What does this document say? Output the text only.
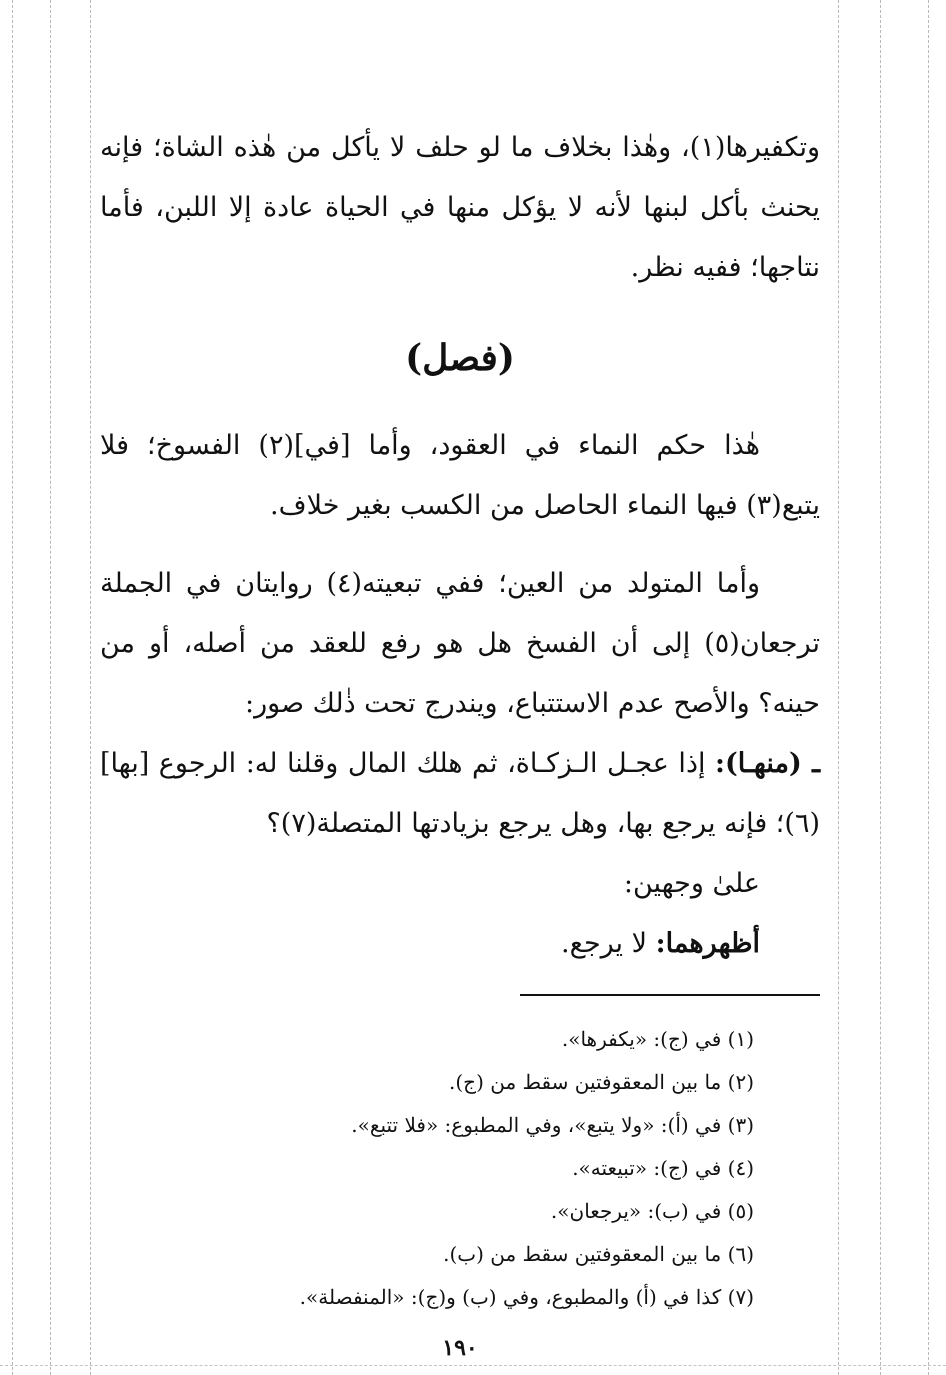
وتكفيرها(١)، وهٰذا بخلاف ما لو حلف لا يأكل من هٰذه الشاة؛ فإنه يحنث بأكل لبنها لأنه لا يؤكل منها في الحياة عادة إلا اللبن، فأما نتاجها؛ ففيه نظر.

(فصل)

هٰذا حكم النماء في العقود، وأما [في](٢) الفسوخ؛ فلا يتبع(٣) فيها النماء الحاصل من الكسب بغير خلاف.

وأما المتولد من العين؛ ففي تبعيته(٤) روايتان في الجملة ترجعان(٥) إلى أن الفسخ هل هو رفع للعقد من أصله، أو من حينه؟ والأصح عدم الاستتباع، ويندرج تحت ذٰلك صور:

ـ (منهـا): إذا عجـل الـزكـاة، ثم هلك المال وقلنا له: الرجوع [بها](٦)؛ فإنه يرجع بها، وهل يرجع بزيادتها المتصلة(٧)؟

علىٰ وجهين:

أظهرهما: لا يرجع.

(١) في (ج): «يكفرها».

(٢) ما بين المعقوفتين سقط من (ج).

(٣) في (أ): «ولا يتبع»، وفي المطبوع: «فلا تتبع».

(٤) في (ج): «تبيعته».

(٥) في (ب): «يرجعان».

(٦) ما بين المعقوفتين سقط من (ب).

(٧) كذا في (أ) والمطبوع، وفي (ب) و(ج): «المنفصلة».

١٩٠
